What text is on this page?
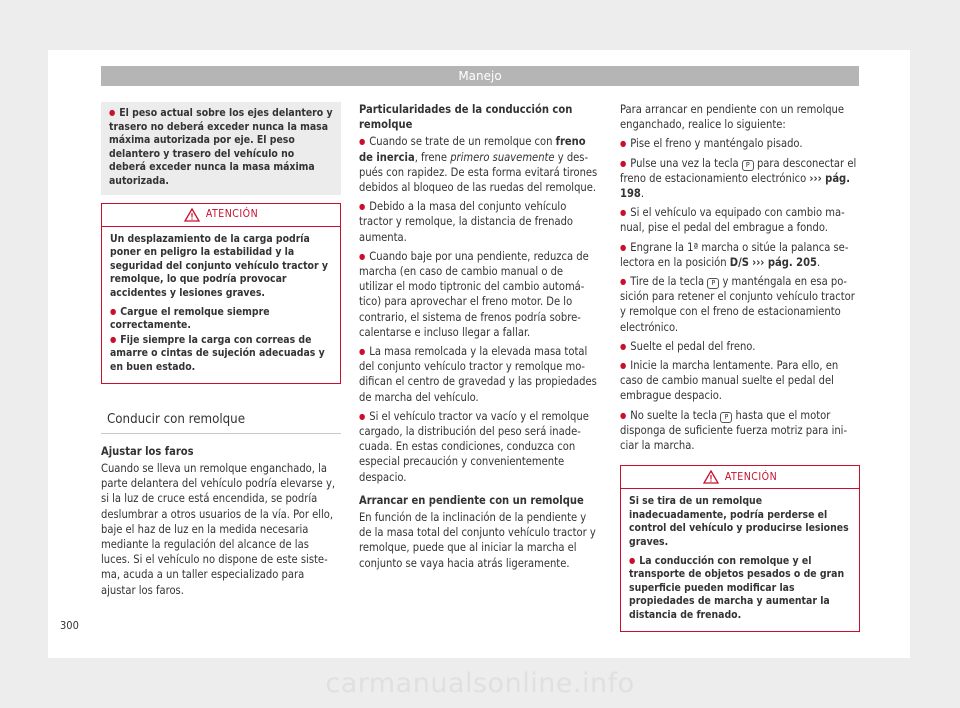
Manejo
● El peso actual sobre los ejes delantero y trasero no deberá exceder nunca la masa máxima autorizada por eje. El peso delantero y trasero del vehículo no deberá exceder nunca la masa máxima autorizada.
ATENCIÓN

Un desplazamiento de la carga podría poner en peligro la estabilidad y la seguridad del conjunto vehículo tractor y remolque, lo que podría provocar accidentes y lesiones graves.

● Cargue el remolque siempre correctamente.

● Fije siempre la carga con correas de amarre o cintas de sujeción adecuadas y en buen estado.

Conducir con remolque

Ajustar los faros

Cuando se lleva un remolque enganchado, la parte delantera del vehículo podría elevarse y, si la luz de cruce está encendida, se podría deslumbrar a otros usuarios de la vía. Por ello, baje el haz de luz en la medida necesaria mediante la regulación del alcance de las luces. Si el vehículo no dispone de este sistema, acuda a un taller especializado para ajustar los faros.

Particularidades de la conducción con remolque

● Cuando se trate de un remolque con freno de inercia, frene primero suavemente y después con rapidez. De esta forma evitará tirones debidos al bloqueo de las ruedas del remolque.

● Debido a la masa del conjunto vehículo tractor y remolque, la distancia de frenado aumenta.

● Cuando baje por una pendiente, reduzca de marcha (en caso de cambio manual o de utilizar el modo tiptronic del cambio automático) para aprovechar el freno motor. De lo contrario, el sistema de frenos podría sobrecalentarse e incluso llegar a fallar.

● La masa remolcada y la elevada masa total del conjunto vehículo tractor y remolque modifican el centro de gravedad y las propiedades de marcha del vehículo.

● Si el vehículo tractor va vacío y el remolque cargado, la distribución del peso será inadecuada. En estas condiciones, conduzca con especial precaución y convenientemente despacio.

Arrancar en pendiente con un remolque

En función de la inclinación de la pendiente y de la masa total del conjunto vehículo tractor y remolque, puede que al iniciar la marcha el conjunto se vaya hacia atrás ligeramente.

Para arrancar en pendiente con un remolque enganchado, realice lo siguiente:

● Pise el freno y manténgalo pisado.

● Pulse una vez la tecla P para desconectar el freno de estacionamiento electrónico ››› pág. 198.

● Si el vehículo va equipado con cambio manual, pise el pedal del embrague a fondo.

● Engrane la 1ª marcha o sitúe la palanca selectora en la posición D/S ››› pág. 205.

● Tire de la tecla P y manténgala en esa posición para retener el conjunto vehículo tractor y remolque con el freno de estacionamiento electrónico.

● Suelte el pedal del freno.

● Inicie la marcha lentamente. Para ello, en caso de cambio manual suelte el pedal del embrague despacio.

● No suelte la tecla P hasta que el motor disponga de suficiente fuerza motriz para iniciar la marcha.

ATENCIÓN

Si se tira de un remolque inadecuadamente, podría perderse el control del vehículo y producirse lesiones graves.

● La conducción con remolque y el transporte de objetos pesados o de gran superficie pueden modificar las propiedades de marcha y aumentar la distancia de frenado.

300
carmanualsonline.info
